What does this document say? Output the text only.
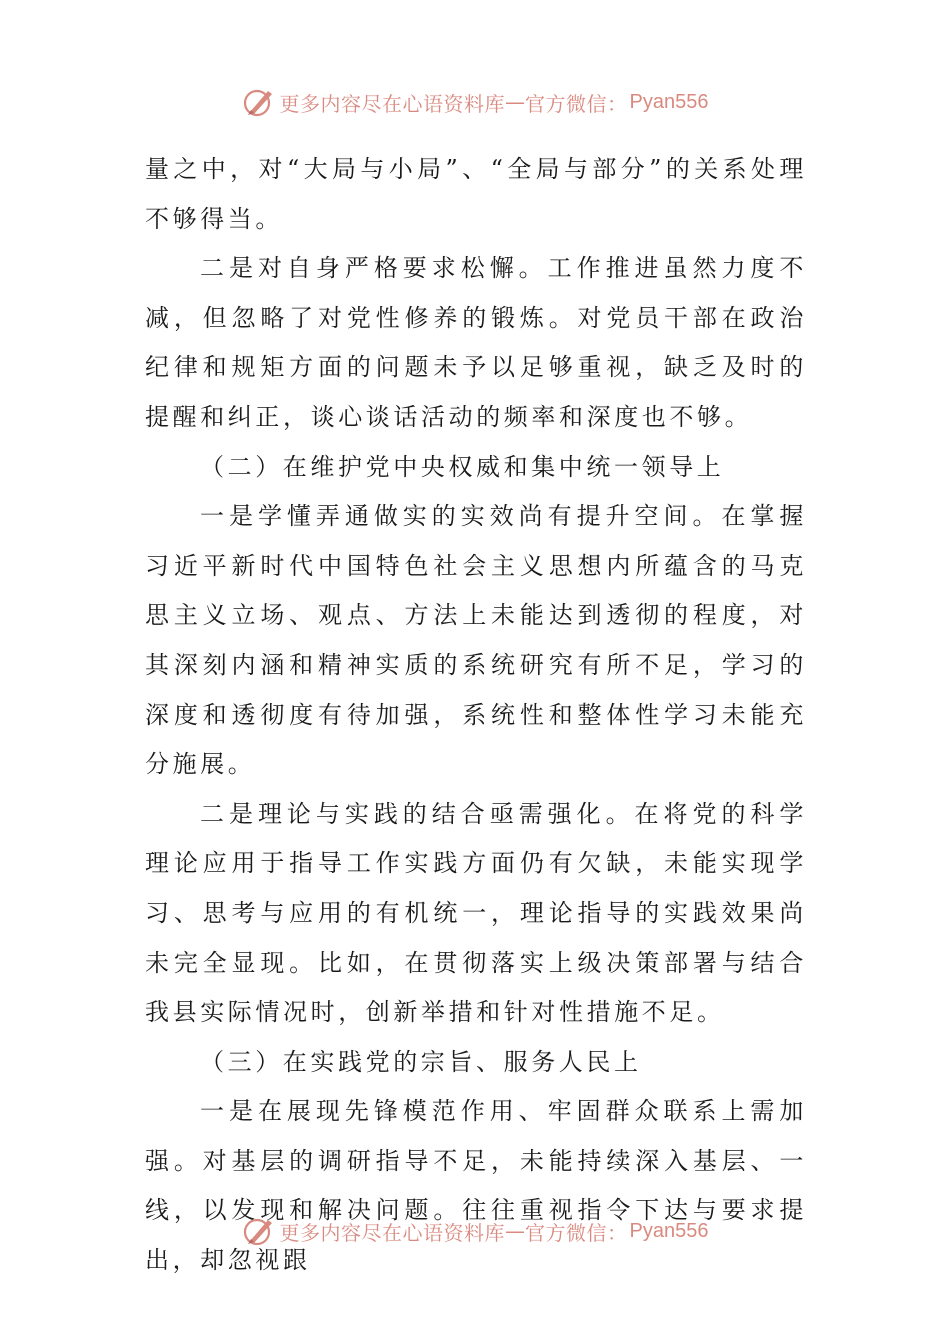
更多内容尽在心语资料库 — 官方微信： Pyan556

量之中，对“大局与小局”、“全局与部分”的关系处理不够得当。

二是对自身严格要求松懈。工作推进虽然力度不减，但忽略了对党性修养的锻炼。对党员干部在政治纪律和规矩方面的问题未予以足够重视，缺乏及时的提醒和纠正，谈心谈话活动的频率和深度也不够。

（二）在维护党中央权威和集中统一领导上

一是学懂弄通做实的实效尚有提升空间。在掌握习近平新时代中国特色社会主义思想内所蕴含的马克思主义立场、观点、方法上未能达到透彻的程度，对其深刻内涵和精神实质的系统研究有所不足，学习的深度和透彻度有待加强，系统性和整体性学习未能充分施展。

二是理论与实践的结合亟需强化。在将党的科学理论应用于指导工作实践方面仍有欠缺，未能实现学习、思考与应用的有机统一，理论指导的实践效果尚未完全显现。比如，在贯彻落实上级决策部署与结合我县实际情况时，创新举措和针对性措施不足。

（三）在实践党的宗旨、服务人民上

一是在展现先锋模范作用、牢固群众联系上需加强。对基层的调研指导不足，未能持续深入基层、一线，以发现和解决问题。往往重视指令下达与要求提出，却忽视跟

更多内容尽在心语资料库 — 官方微信： Pyan556
